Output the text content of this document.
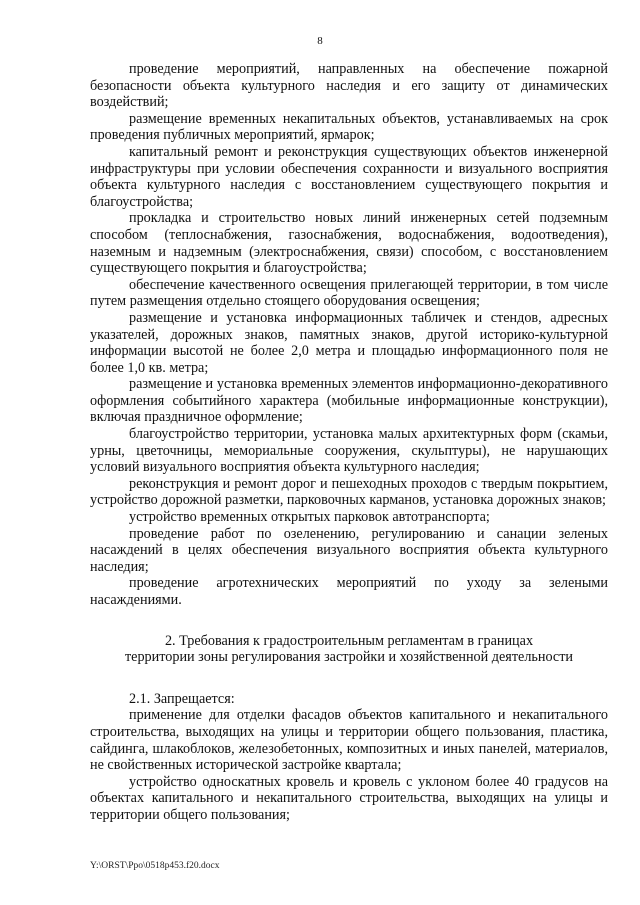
8

проведение мероприятий, направленных на обеспечение пожарной безопасности объекта культурного наследия и его защиту от динамических воздействий;

размещение временных некапитальных объектов, устанавливаемых на срок проведения публичных мероприятий, ярмарок;

капитальный ремонт и реконструкция существующих объектов инженерной инфраструктуры при условии обеспечения сохранности и визуального восприятия объекта культурного наследия с восстановлением существующего покрытия и благоустройства;

прокладка и строительство новых линий инженерных сетей подземным способом (теплоснабжения, газоснабжения, водоснабжения, водоотведения), наземным и надземным (электроснабжения, связи) способом, с восстановлением существующего покрытия и благоустройства;

обеспечение качественного освещения прилегающей территории, в том числе путем размещения отдельно стоящего оборудования освещения;

размещение и установка информационных табличек и стендов, адресных указателей, дорожных знаков, памятных знаков, другой историко-культурной информации высотой не более 2,0 метра и площадью информационного поля не более 1,0 кв. метра;

размещение и установка временных элементов информационно-декоративного оформления событийного характера (мобильные информационные конструкции), включая праздничное оформление;

благоустройство территории, установка малых архитектурных форм (скамьи, урны, цветочницы, мемориальные сооружения, скульптуры), не нарушающих условий визуального восприятия объекта культурного наследия;

реконструкция и ремонт дорог и пешеходных проходов с твердым покрытием, устройство дорожной разметки, парковочных карманов, установка дорожных знаков;

устройство временных открытых парковок автотранспорта;

проведение работ по озеленению, регулированию и санации зеленых насаждений в целях обеспечения визуального восприятия объекта культурного наследия;

проведение агротехнических мероприятий по уходу за зелеными насаждениями.

2. Требования к градостроительным регламентам в границах
территории зоны регулирования застройки и хозяйственной деятельности

2.1. Запрещается:

применение для отделки фасадов объектов капитального и некапитального строительства, выходящих на улицы и территории общего пользования, пластика, сайдинга, шлакоблоков, железобетонных, композитных и иных панелей, материалов, не свойственных исторической застройке квартала;

устройство односкатных кровель и кровель с уклоном более 40 градусов на объектах капитального и некапитального строительства, выходящих на улицы и территории общего пользования;

Y:\ORST\Ppo\0518p453.f20.docx
